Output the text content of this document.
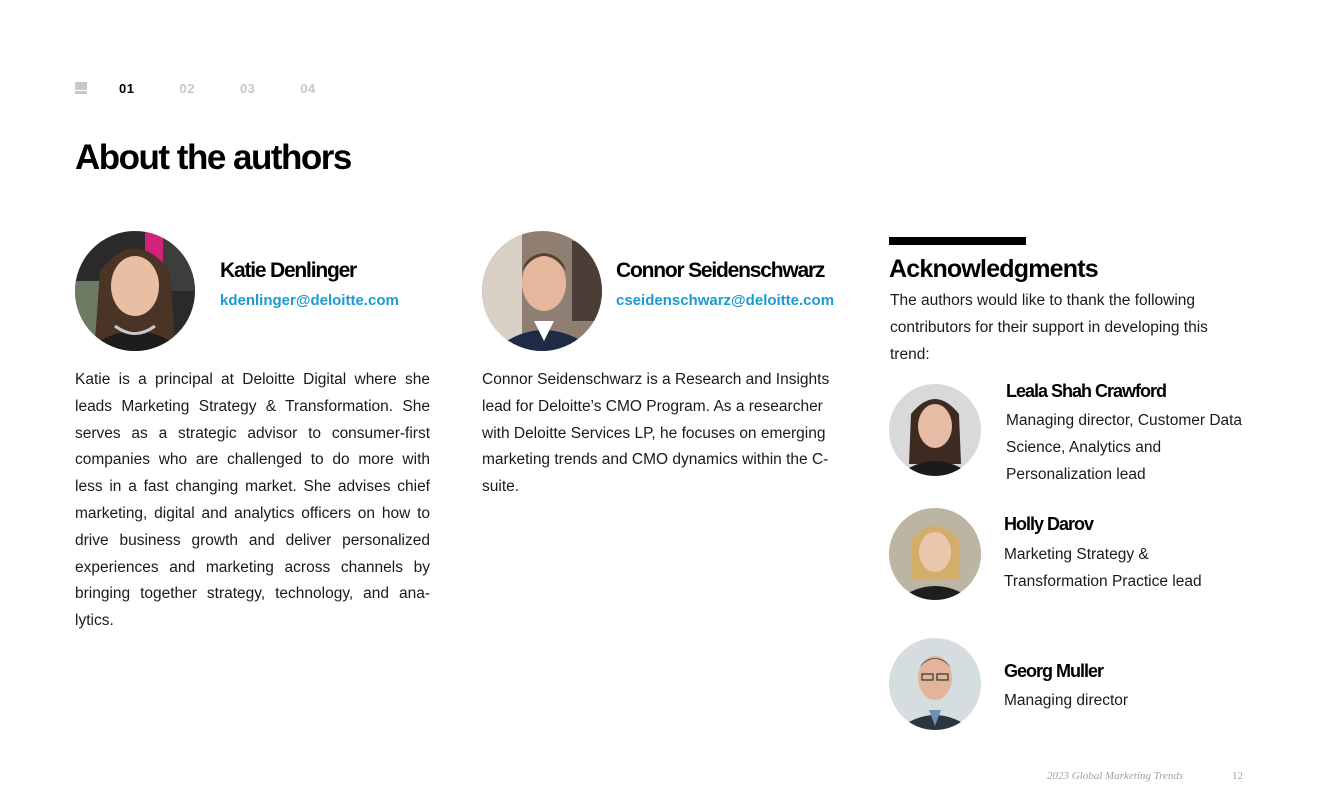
01	02	03	04
About the authors
Katie Denlinger
kdenlinger@deloitte.com

Katie is a principal at Deloitte Digital where she leads Marketing Strategy & Transformation. She serves as a strategic advisor to consumer-first companies who are challenged to do more with less in a fast changing market. She advises chief marketing, digital and analytics officers on how to drive business growth and deliver personalized experiences and marketing across channels by bringing together strategy, technology, and ana-lytics.

Connor Seidenschwarz
cseidenschwarz@deloitte.com

Connor Seidenschwarz is a Research and Insights lead for Deloitte’s CMO Program. As a researcher with Deloitte Services LP, he focuses on emerging marketing trends and CMO dynamics within the C-suite.

Acknowledgments

The authors would like to thank the following contributors for their support in developing this trend:

Leala Shah Crawford

Managing director, Customer Data Science, Analytics and Personalization lead

Holly Darov

Marketing Strategy & Transformation Practice lead

Georg Muller

Managing director

2023 Global Marketing Trends	12
